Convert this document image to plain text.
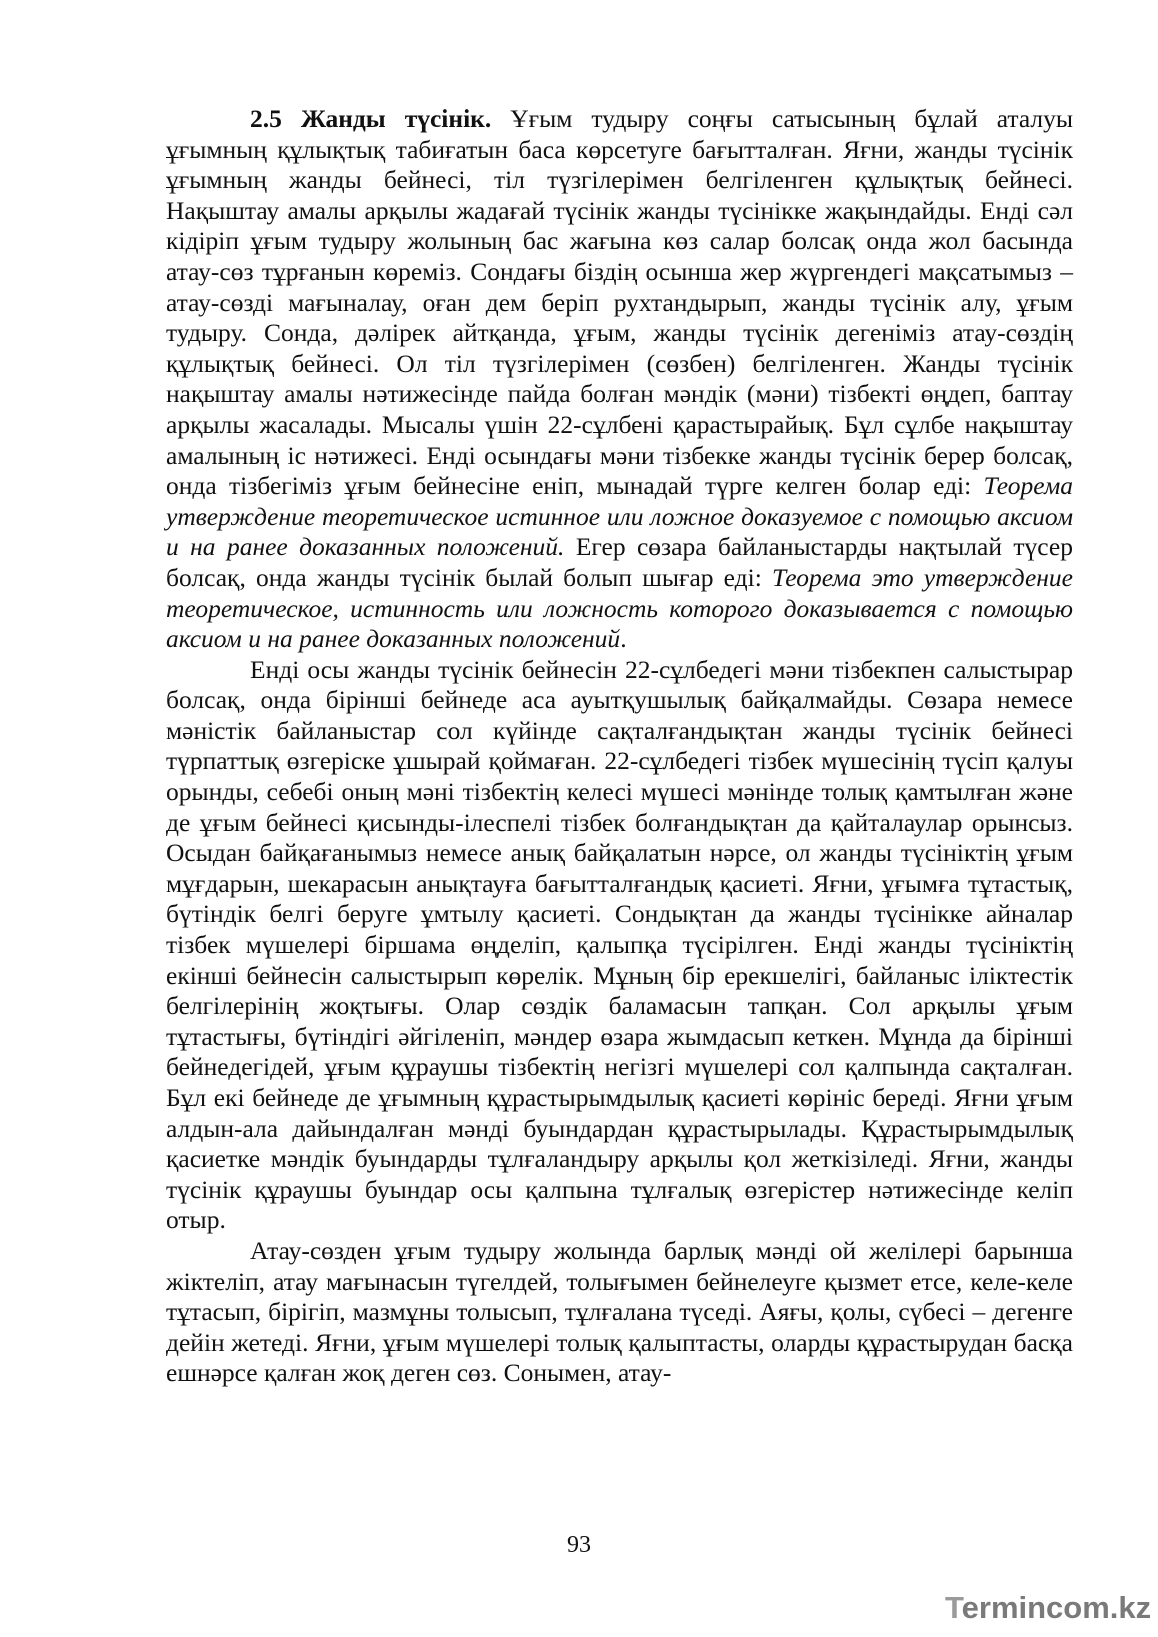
2.5 Жанды түсінік. Ұғым тудыру соңғы сатысының бұлай аталуы ұғымның құлықтық табиғатын баса көрсетуге бағытталған. Яғни, жанды түсінік ұғымның жанды бейнесі, тіл түзгілерімен белгіленген құлықтық бейнесі. Нақыштау амалы арқылы жадағай түсінік жанды түсінікке жақындайды. Енді сәл кідіріп ұғым тудыру жолының бас жағына көз салар болсақ онда жол басында атау-сөз тұрғанын көреміз. Сондағы біздің осынша жер жүргендегі мақсатымыз – атау-сөзді мағыналау, оған дем беріп рухтандырып, жанды түсінік алу, ұғым тудыру. Сонда, дәлірек айтқанда, ұғым, жанды түсінік дегеніміз атау-сөздің құлықтық бейнесі. Ол тіл түзгілерімен (сөзбен) белгіленген. Жанды түсінік нақыштау амалы нәтижесінде пайда болған мәндік (мәни) тізбекті өңдеп, баптау арқылы жасалады. Мысалы үшін 22-сұлбені қарастырайық. Бұл сұлбе нақыштау амалының іс нәтижесі. Енді осындағы мәни тізбекке жанды түсінік берер болсақ, онда тізбегіміз ұғым бейнесіне еніп, мынадай түрге келген болар еді: Теорема утверждение теоретическое истинное или ложное доказуемое с помощью аксиом и на ранее доказанных положений. Егер сөзара байланыстарды нақтылай түсер болсақ, онда жанды түсінік былай болып шығар еді: Теорема это утверждение теоретическое, истинность или ложность которого доказывается с помощью аксиом и на ранее доказанных положений.

Енді осы жанды түсінік бейнесін 22-сұлбедегі мәни тізбекпен салыстырар болсақ, онда бірінші бейнеде аса ауытқушылық байқалмайды. Сөзара немесе мәністік байланыстар сол күйінде сақталғандықтан жанды түсінік бейнесі түрпаттық өзгеріске ұшырай қоймаған. 22-сұлбедегі тізбек мүшесінің түсіп қалуы орынды, себебі оның мәні тізбектің келесі мүшесі мәнінде толық қамтылған және де ұғым бейнесі қисынды-ілеспелі тізбек болғандықтан да қайталаулар орынсыз. Осыдан байқағанымыз немесе анық байқалатын нәрсе, ол жанды түсініктің ұғым мұғдарын, шекарасын анықтауға бағытталғандық қасиеті. Яғни, ұғымға тұтастық, бүтіндік белгі беруге ұмтылу қасиеті. Сондықтан да жанды түсінікке айналар тізбек мүшелері біршама өңделіп, қалыпқа түсірілген. Енді жанды түсініктің екінші бейнесін салыстырып көрелік. Мұның бір ерекшелігі, байланыс іліктестік белгілерінің жоқтығы. Олар сөздік баламасын тапқан. Сол арқылы ұғым тұтастығы, бүтіндігі әйгіленіп, мәндер өзара жымдасып кеткен. Мұнда да бірінші бейнедегідей, ұғым құраушы тізбектің негізгі мүшелері сол қалпында сақталған. Бұл екі бейнеде де ұғымның құрастырымдылық қасиеті көрініс береді. Яғни ұғым алдын-ала дайындалған мәнді буындардан құрастырылады. Құрастырымдылық қасиетке мәндік буындарды тұлғаландыру арқылы қол жеткізіледі. Яғни, жанды түсінік құраушы буындар осы қалпына тұлғалық өзгерістер нәтижесінде келіп отыр.

Атау-сөзден ұғым тудыру жолында барлық мәнді ой желілері барынша жіктеліп, атау мағынасын түгелдей, толығымен бейнелеуге қызмет етсе, келе-келе тұтасып, бірігіп, мазмұны толысып, тұлғалана түседі. Аяғы, қолы, сүбесі – дегенге дейін жетеді. Яғни, ұғым мүшелері толық қалыптасты, оларды құрастырудан басқа ешнәрсе қалған жоқ деген сөз. Сонымен, атау-

93
Termincom.kz
